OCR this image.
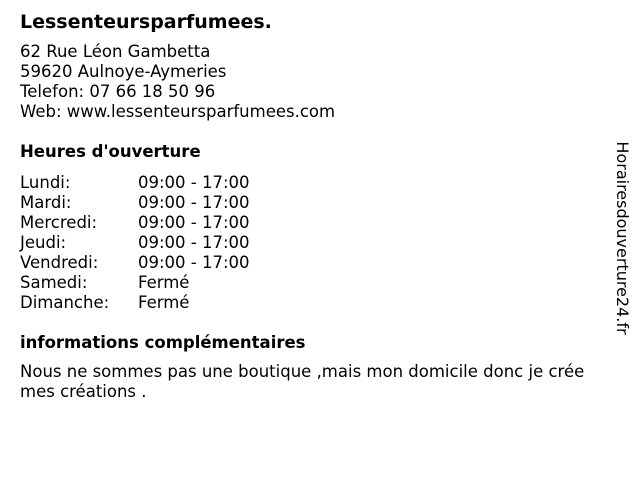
Lessenteursparfumees.

62 Rue Léon Gambetta

59620 Aulnoye-Aymeries

Telefon: 07 66 18 50 96

Web: www.lessenteursparfumees.com

Heures d'ouverture
Lundi:	09:00 - 17:00
Mardi:	09:00 - 17:00
Mercredi:	09:00 - 17:00
Jeudi:	09:00 - 17:00
Vendredi:	09:00 - 17:00
Samedi:	Fermé
Dimanche:	Fermé
informations complémentaires

Nous ne sommes pas une boutique ,mais mon domicile donc je crée mes créations .

Horairesdouverture24.fr
